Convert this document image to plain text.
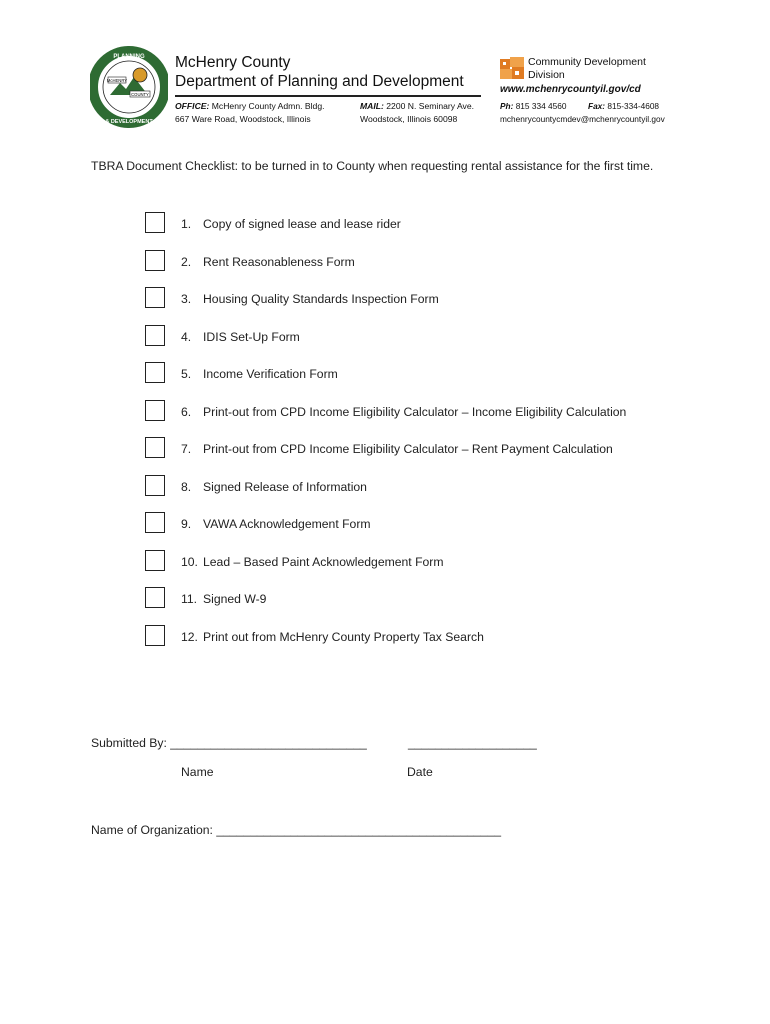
McHENRY
COUNTY
PLANNING
& DEVELOPMENT
McHenry County
Department of Planning and Development
OFFICE: McHenry County Admn. Bldg.
667 Ware Road, Woodstock, Illinois
MAIL: 2200 N. Seminary Ave.
Woodstock, Illinois 60098
Community Development
Division
www.mchenrycountyil.gov/cd
Ph: 815 334 4560	Fax: 815-334-4608
mchenrycountycmdev@mchenrycountyil.gov
TBRA Document Checklist: to be turned in to County when requesting rental assistance for the first time.
1. Copy of signed lease and lease rider
2. Rent Reasonableness Form
3. Housing Quality Standards Inspection Form
4. IDIS Set-Up Form
5. Income Verification Form
6. Print-out from CPD Income Eligibility Calculator – Income Eligibility Calculation
7. Print-out from CPD Income Eligibility Calculator – Rent Payment Calculation
8. Signed Release of Information
9. VAWA Acknowledgement Form
10. Lead – Based Paint Acknowledgement Form
11. Signed W-9
12. Print out from McHenry County Property Tax Search
Submitted By: _____________________________	___________________
Name	Date
Name of Organization: __________________________________________
